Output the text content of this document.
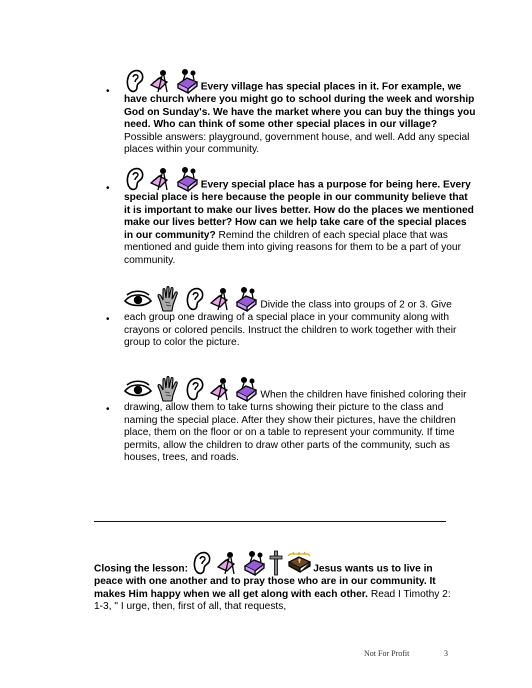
•	Every village has special places in it. For example, we have church where you might go to school during the week and worship God on Sunday's. We have the market where you can buy the things you need. Who can think of some other special places in our village? Possible answers: playground, government house, and well. Add any special places within your community.
•	Every special place has a purpose for being here. Every special place is here because the people in our community believe that it is important to make our lives better. How do the places we mentioned make our lives better? How can we help take care of the special places in our community? Remind the children of each special place that was mentioned and guide them into giving reasons for them to be a part of your community.
•
Divide the class into groups of 2 or 3. Give each group one drawing of a special place in your community along with crayons or colored pencils. Instruct the children to work together with their group to color the picture.
•
When the children have finished coloring their drawing, allow them to take turns showing their picture to the class and naming the special place. After they show their pictures, have the children place, them on the floor or on a table to represent your community. If time permits, allow the children to draw other parts of the community, such as houses, trees, and roads.
Closing the lesson:	Jesus wants us to live in peace with one another and to pray those who are in our community. It makes Him happy when we all get along with each other. Read I Timothy 2: 1-3, " I urge, then, first of all, that requests,
Not For Profit	3
